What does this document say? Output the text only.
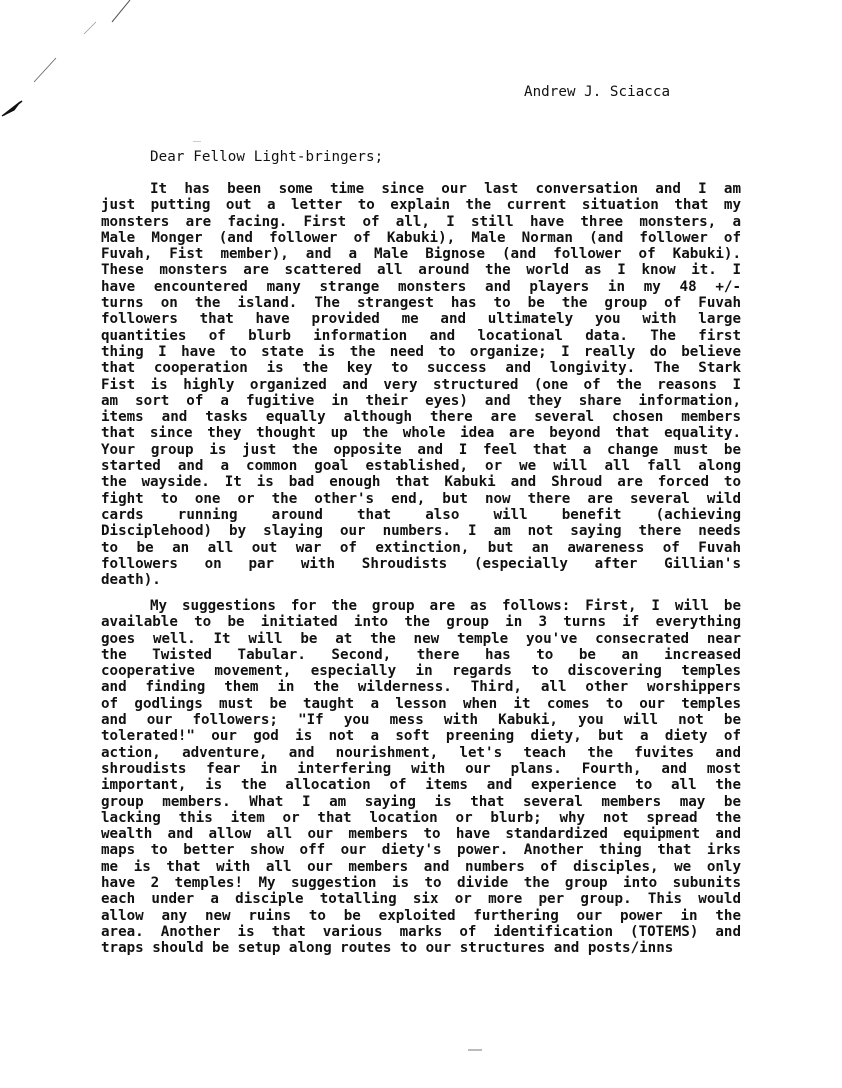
Andrew J. Sciacca
Dear Fellow Light-bringers;
It has been some time since our last conversation and I am
just putting out a letter to explain the current situation that my
monsters are facing. First of all, I still have three monsters, a
Male Monger (and follower of Kabuki), Male Norman (and follower of
Fuvah, Fist member), and a Male Bignose (and follower of Kabuki).
These monsters are scattered all around the world as I know it. I
have encountered many strange monsters and players in my 48 +/-
turns on the island. The strangest has to be the group of Fuvah
followers that have provided me and ultimately you with large
quantities of blurb information and locational data. The first
thing I have to state is the need to organize; I really do believe
that cooperation is the key to success and longivity. The Stark
Fist is highly organized and very structured (one of the reasons I
am sort of a fugitive in their eyes) and they share information,
items and tasks equally although there are several chosen members
that since they thought up the whole idea are beyond that equality.
Your group is just the opposite and I feel that a change must be
started and a common goal established, or we will all fall along
the wayside. It is bad enough that Kabuki and Shroud are forced to
fight to one or the other's end, but now there are several wild
cards running around that also will benefit (achieving
Disciplehood) by slaying our numbers. I am not saying there needs
to be an all out war of extinction, but an awareness of Fuvah
followers on par with Shroudists (especially after Gillian's
death).
My suggestions for the group are as follows: First, I will be
available to be initiated into the group in 3 turns if everything
goes well. It will be at the new temple you've consecrated near
the Twisted Tabular. Second, there has to be an increased
cooperative movement, especially in regards to discovering temples
and finding them in the wilderness. Third, all other worshippers
of godlings must be taught a lesson when it comes to our temples
and our followers; "If you mess with Kabuki, you will not be
tolerated!" our god is not a soft preening diety, but a diety of
action, adventure, and nourishment, let's teach the fuvites and
shroudists fear in interfering with our plans. Fourth, and most
important, is the allocation of items and experience to all the
group members. What I am saying is that several members may be
lacking this item or that location or blurb; why not spread the
wealth and allow all our members to have standardized equipment and
maps to better show off our diety's power. Another thing that irks
me is that with all our members and numbers of disciples, we only
have 2 temples! My suggestion is to divide the group into subunits
each under a disciple totalling six or more per group. This would
allow any new ruins to be exploited furthering our power in the
area. Another is that various marks of identification (TOTEMS) and
traps should be setup along routes to our structures and posts/inns
